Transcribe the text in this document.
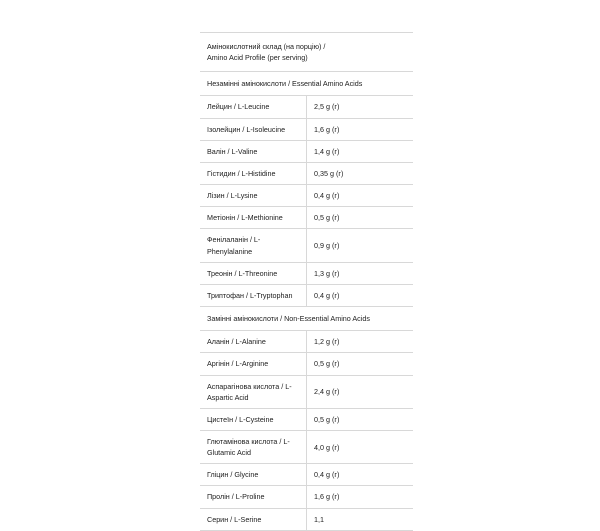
Амінокислотний склад (на порцію) /
Amino Acid Profile (per serving)	

Незамінні амінокислоти / Essential Amino Acids	
Лейцин / L-Leucine	2,5 g (г)
Ізолейцин / L-Isoleucine	1,6 g (г)
Валін / L-Valine	1,4 g (г)
Гістидин / L-Histidine	0,35 g (г)
Лізин / L-Lysine	0,4 g (г)
Метіонін / L-Methionine	0,5 g (г)
Фенілаланін / L-Phenylalanine	0,9 g (г)
Треонін / L-Threonine	1,3 g (г)
Триптофан / L-Tryptophan	0,4 g (г)
Замінні амінокислоти / Non-Essential Amino Acids	
Аланін / L-Alanine	1,2 g (г)
Аргінін / L-Arginine	0,5 g (г)
Аспарагінова кислота / L-Aspartic Acid	2,4 g (г)
Цистеїн / L-Cysteine	0,5 g (г)
Глютамінова кислота / L-Glutamic Acid	4,0 g (г)
Гліцин / Glycine	0,4 g (г)
Пролін / L-Proline	1,6 g (г)
Серин / L-Serine	1,1
